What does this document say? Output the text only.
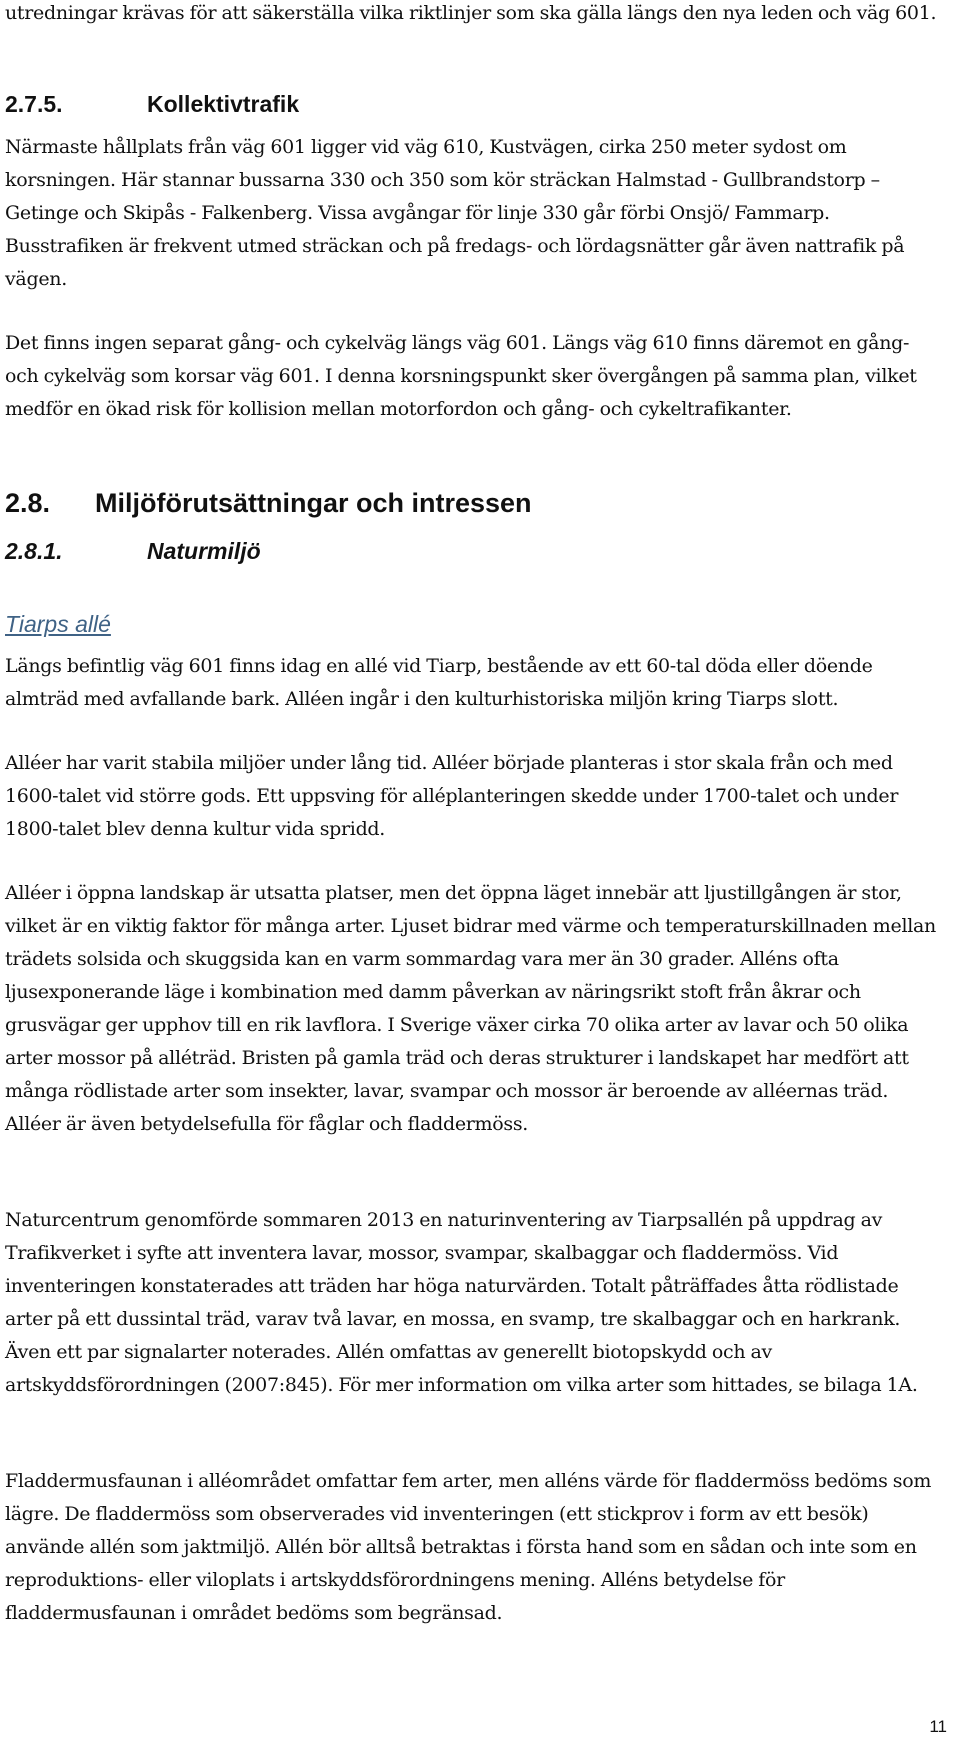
utredningar krävas för att säkerställa vilka riktlinjer som ska gälla längs den nya leden och väg 601.

2.7.5.	Kollektivtrafik

Närmaste hållplats från väg 601 ligger vid väg 610, Kustvägen, cirka 250 meter sydost om korsningen. Här stannar bussarna 330 och 350 som kör sträckan Halmstad - Gullbrandstorp – Getinge och Skipås - Falkenberg. Vissa avgångar för linje 330 går förbi Onsjö/ Fammarp. Busstrafiken är frekvent utmed sträckan och på fredags- och lördagsnätter går även nattrafik på vägen.

Det finns ingen separat gång- och cykelväg längs väg 601. Längs väg 610 finns däremot en gång- och cykelväg som korsar väg 601. I denna korsningspunkt sker övergången på samma plan, vilket medför en ökad risk för kollision mellan motorfordon och gång- och cykeltrafikanter.

2.8.	Miljöförutsättningar och intressen
2.8.1.	Naturmiljö

Tiarps allé

Längs befintlig väg 601 finns idag en allé vid Tiarp, bestående av ett 60-tal döda eller döende almträd med avfallande bark. Alléen ingår i den kulturhistoriska miljön kring Tiarps slott.

Alléer har varit stabila miljöer under lång tid. Alléer började planteras i stor skala från och med 1600-talet vid större gods. Ett uppsving för alléplanteringen skedde under 1700-talet och under 1800-talet blev denna kultur vida spridd.

Alléer i öppna landskap är utsatta platser, men det öppna läget innebär att ljustillgången är stor, vilket är en viktig faktor för många arter. Ljuset bidrar med värme och temperaturskillnaden mellan trädets solsida och skuggsida kan en varm sommardag vara mer än 30 grader. Alléns ofta ljusexponerande läge i kombination med damm påverkan av näringsrikt stoft från åkrar och grusvägar ger upphov till en rik lavflora. I Sverige växer cirka 70 olika arter av lavar och 50 olika arter mossor på alléträd. Bristen på gamla träd och deras strukturer i landskapet har medfört att många rödlistade arter som insekter, lavar, svampar och mossor är beroende av alléernas träd. Alléer är även betydelsefulla för fåglar och fladdermöss.

Naturcentrum genomförde sommaren 2013 en naturinventering av Tiarpsallén på uppdrag av Trafikverket i syfte att inventera lavar, mossor, svampar, skalbaggar och fladdermöss. Vid inventeringen konstaterades att träden har höga naturvärden. Totalt påträffades åtta rödlistade arter på ett dussintal träd, varav två lavar, en mossa, en svamp, tre skalbaggar och en harkrank. Även ett par signalarter noterades. Allén omfattas av generellt biotopskydd och av artskyddsförordningen (2007:845). För mer information om vilka arter som hittades, se bilaga 1A.

Fladdermusfaunan i alléområdet omfattar fem arter, men alléns värde för fladdermöss bedöms som lägre. De fladdermöss som observerades vid inventeringen (ett stickprov i form av ett besök) använde allén som jaktmiljö. Allén bör alltså betraktas i första hand som en sådan och inte som en reproduktions- eller viloplats i artskyddsförordningens mening. Alléns betydelse för fladdermusfaunan i området bedöms som begränsad.

11
